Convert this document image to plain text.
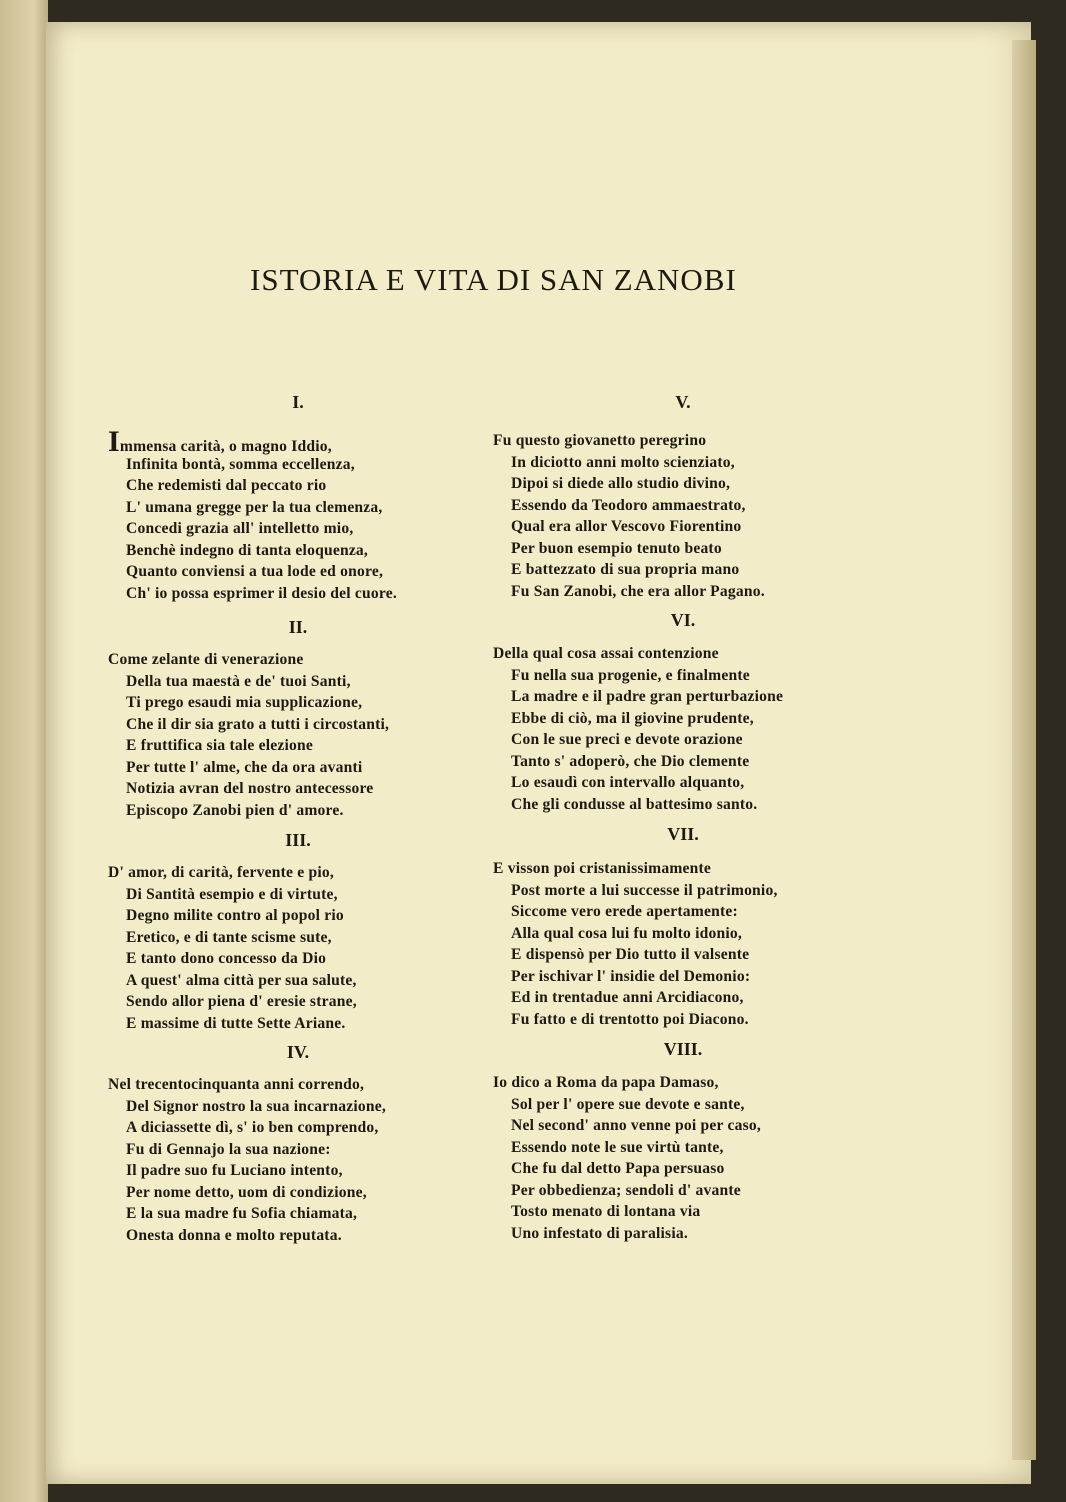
ISTORIA E VITA DI SAN ZANOBI
I.
Immensa carità, o magno Iddio,
Infinita bontà, somma eccellenza,
Che redemisti dal peccato rio
L' umana gregge per la tua clemenza,
Concedi grazia all' intelletto mio,
Benchè indegno di tanta eloquenza,
Quanto conviensi a tua lode ed onore,
Ch' io possa esprimer il desio del cuore.
II.
Come zelante di venerazione
Della tua maestà e de' tuoi Santi,
Ti prego esaudi mia supplicazione,
Che il dir sia grato a tutti i circostanti,
E fruttifica sia tale elezione
Per tutte l' alme, che da ora avanti
Notizia avran del nostro antecessore
Episcopo Zanobi pien d' amore.
III.
D' amor, di carità, fervente e pio,
Di Santità esempio e di virtute,
Degno milite contro al popol rio
Eretico, e di tante scisme sute,
E tanto dono concesso da Dio
A quest' alma città per sua salute,
Sendo allor piena d' eresie strane,
E massime di tutte Sette Ariane.
IV.
Nel trecentocinquanta anni correndo,
Del Signor nostro la sua incarnazione,
A diciassette dì, s' io ben comprendo,
Fu di Gennajo la sua nazione:
Il padre suo fu Luciano intento,
Per nome detto, uom di condizione,
E la sua madre fu Sofia chiamata,
Onesta donna e molto reputata.
V.
Fu questo giovanetto peregrino
In diciotto anni molto scienziato,
Dipoi si diede allo studio divino,
Essendo da Teodoro ammaestrato,
Qual era allor Vescovo Fiorentino
Per buon esempio tenuto beato
E battezzato di sua propria mano
Fu San Zanobi, che era allor Pagano.
VI.
Della qual cosa assai contenzione
Fu nella sua progenie, e finalmente
La madre e il padre gran perturbazione
Ebbe di ciò, ma il giovine prudente,
Con le sue preci e devote orazione
Tanto s' adoperò, che Dio clemente
Lo esaudì con intervallo alquanto,
Che gli condusse al battesimo santo.
VII.
E visson poi cristanissimamente
Post morte a lui successe il patrimonio,
Siccome vero erede apertamente:
Alla qual cosa lui fu molto idonio,
E dispensò per Dio tutto il valsente
Per ischivar l' insidie del Demonio:
Ed in trentadue anni Arcidiacono,
Fu fatto e di trentotto poi Diacono.
VIII.
Io dico a Roma da papa Damaso,
Sol per l' opere sue devote e sante,
Nel second' anno venne poi per caso,
Essendo note le sue virtù tante,
Che fu dal detto Papa persuaso
Per obbedienza; sendoli d' avante
Tosto menato di lontana via
Uno infestato di paralisia.
